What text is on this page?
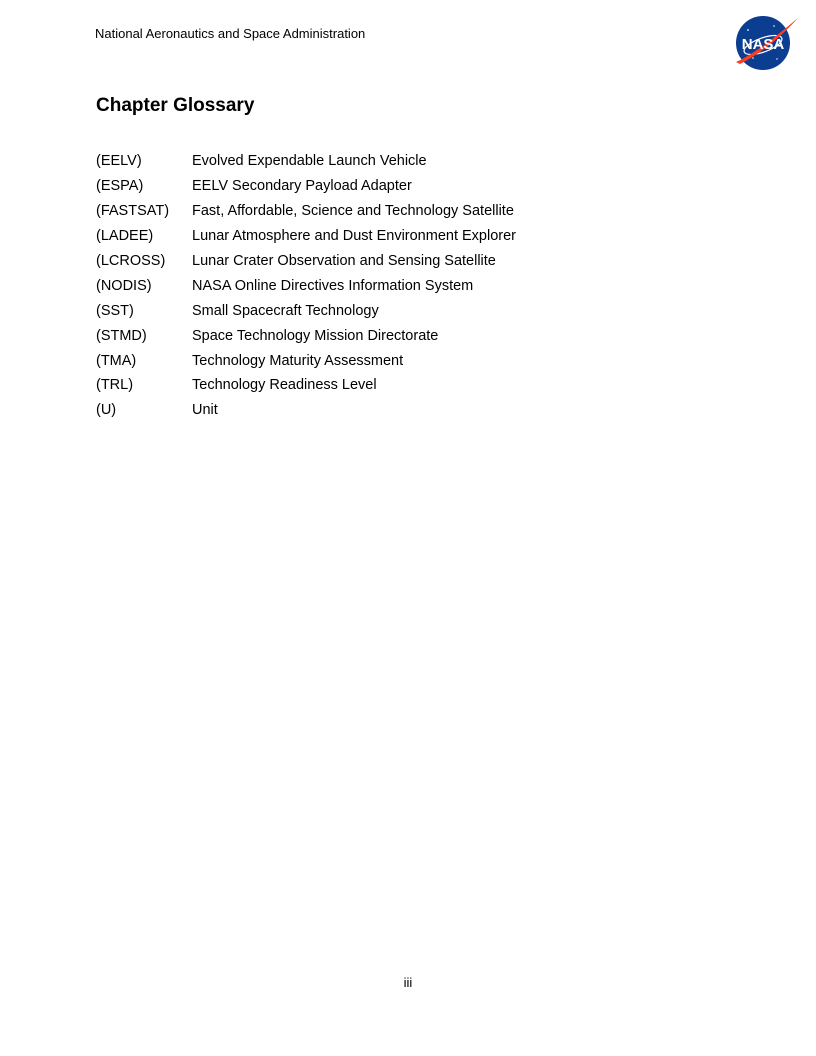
National Aeronautics and Space Administration
NASA
Chapter Glossary
(EELV)	Evolved Expendable Launch Vehicle
(ESPA)	EELV Secondary Payload Adapter
(FASTSAT)	Fast, Affordable, Science and Technology Satellite
(LADEE)	Lunar Atmosphere and Dust Environment Explorer
(LCROSS)	Lunar Crater Observation and Sensing Satellite
(NODIS)	NASA Online Directives Information System
(SST)	Small Spacecraft Technology
(STMD)	Space Technology Mission Directorate
(TMA)	Technology Maturity Assessment
(TRL)	Technology Readiness Level
(U)	Unit
iii
